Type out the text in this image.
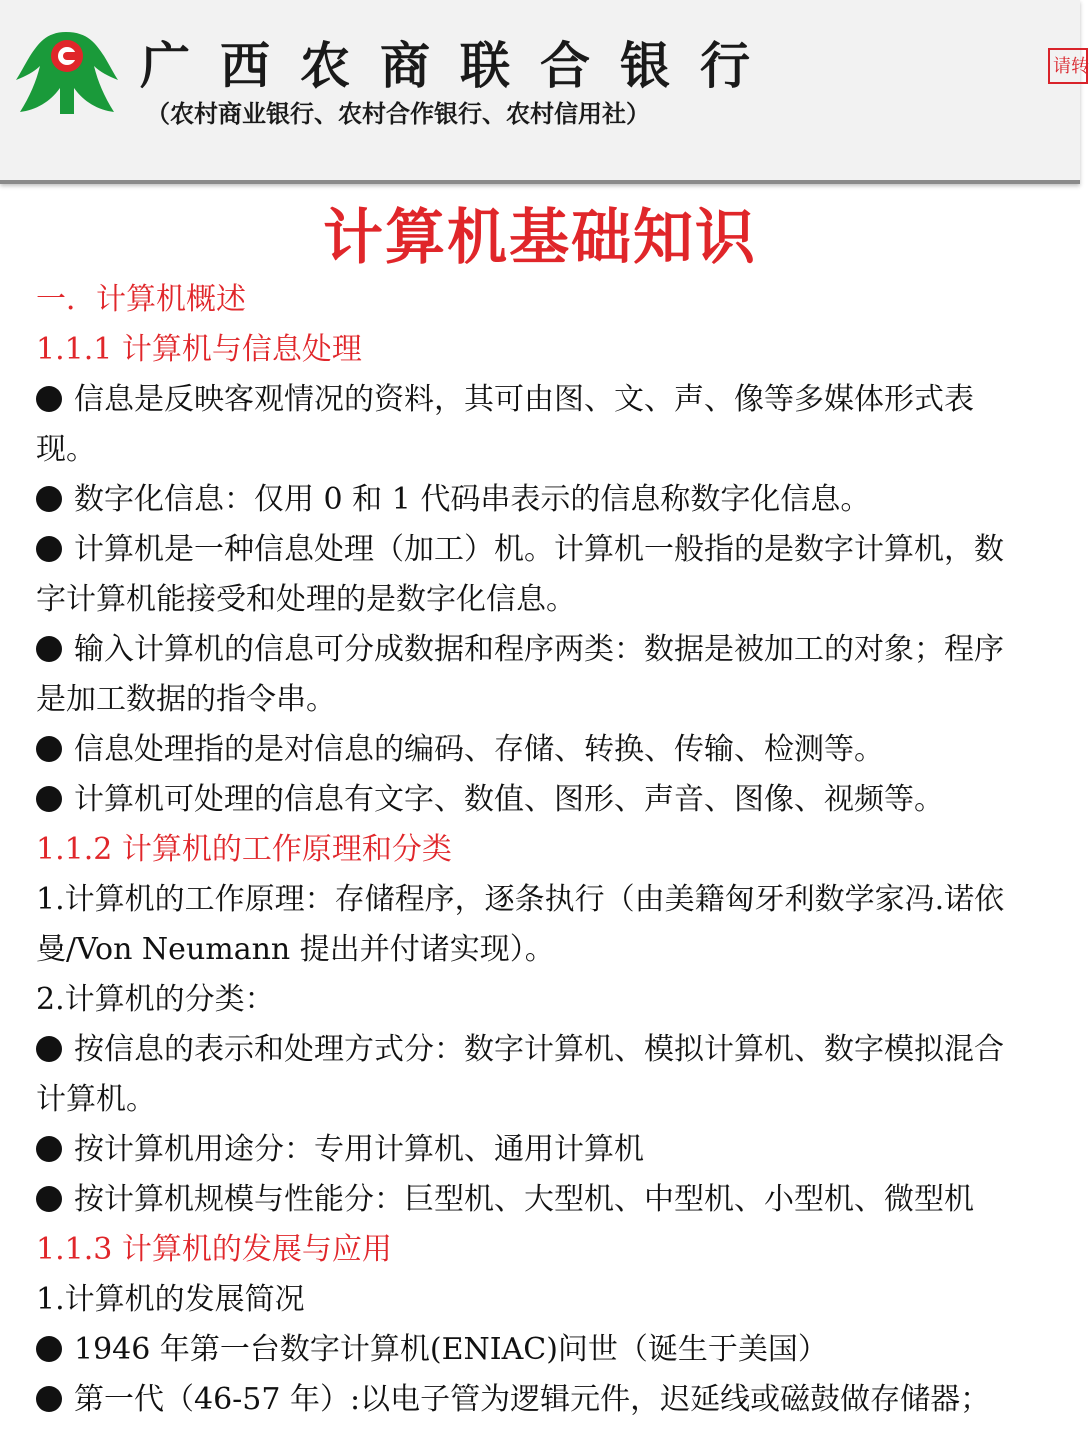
广西农商联合银行
（农村商业银行、农村合作银行、农村信用社）
请转
计算机基础知识

一．计算机概述

1.1.1 计算机与信息处理

信息是反映客观情况的资料，其可由图、文、声、像等多媒体形式表现。

数字化信息：仅用 0 和 1 代码串表示的信息称数字化信息。

计算机是一种信息处理（加工）机。计算机一般指的是数字计算机，数字计算机能接受和处理的是数字化信息。

输入计算机的信息可分成数据和程序两类：数据是被加工的对象；程序是加工数据的指令串。

信息处理指的是对信息的编码、存储、转换、传输、检测等。

计算机可处理的信息有文字、数值、图形、声音、图像、视频等。

1.1.2 计算机的工作原理和分类

1.计算机的工作原理：存储程序，逐条执行（由美籍匈牙利数学家冯.诺依曼/Von Neumann 提出并付诸实现）。

2.计算机的分类：

按信息的表示和处理方式分：数字计算机、模拟计算机、数字模拟混合计算机。

按计算机用途分：专用计算机、通用计算机

按计算机规模与性能分：巨型机、大型机、中型机、小型机、微型机

1.1.3 计算机的发展与应用

1.计算机的发展简况

1946 年第一台数字计算机(ENIAC)问世（诞生于美国）

第一代（46-57 年）:以电子管为逻辑元件，迟延线或磁鼓做存储器；
